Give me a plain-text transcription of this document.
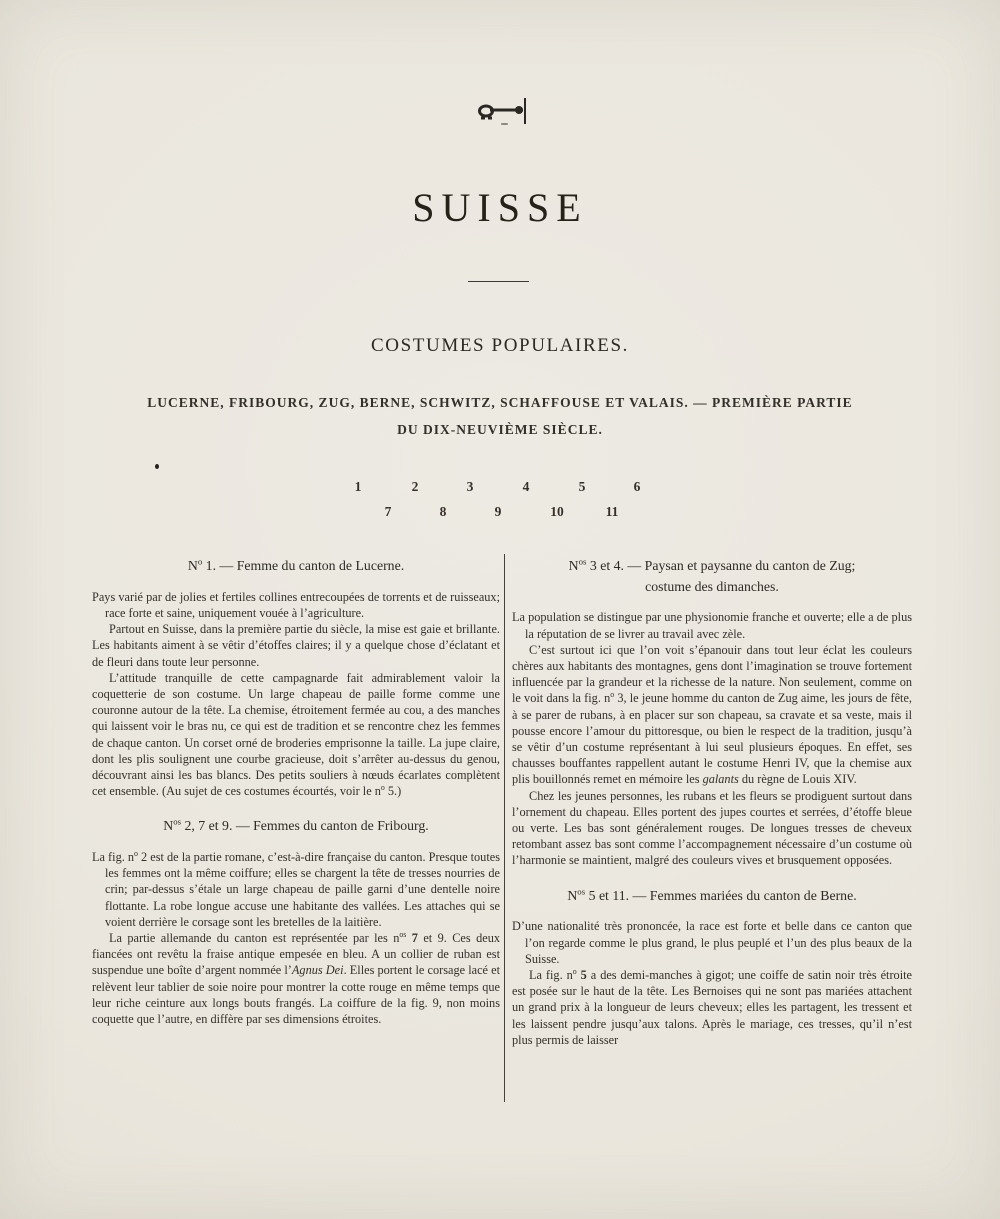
SUISSE
COSTUMES POPULAIRES.
LUCERNE, FRIBOURG, ZUG, BERNE, SCHWITZ, SCHAFFOUSE ET VALAIS. — PREMIÈRE PARTIE
DU DIX-NEUVIÈME SIÈCLE.
1	2	3	4	5	6
7	8	9	10	11
$N^o$ 1. — Femme du canton de Lucerne.

Pays varié par de jolies et fertiles collines entrecoupées de torrents et de ruisseaux; race forte et saine, uniquement vouée à l’agriculture.

Partout en Suisse, dans la première partie du siècle, la mise est gaie et brillante. Les habitants aiment à se vêtir d’étoffes claires; il y a quelque chose d’éclatant et de fleuri dans toute leur personne.

L’attitude tranquille de cette campagnarde fait admirablement valoir la coquetterie de son costume. Un large chapeau de paille forme comme une couronne autour de la tête. La chemise, étroitement fermée au cou, a des manches qui laissent voir le bras nu, ce qui est de tradition et se rencontre chez les femmes de chaque canton. Un corset orné de broderies emprisonne la taille. La jupe claire, dont les plis soulignent une courbe gracieuse, doit s’arrêter au-dessus du genou, découvrant ainsi les bas blancs. Des petits souliers à nœuds écarlates complètent cet ensemble. (Au sujet de ces costumes écourtés, voir le $n^o$ 5.)

$N^{os}$ 2, 7 et 9. — Femmes du canton de Fribourg.

La fig. $n^o$ 2 est de la partie romane, c’est-à-dire française du canton. Presque toutes les femmes ont la même coiffure; elles se chargent la tête de tresses nourries de crin; par-dessus s’étale un large chapeau de paille garni d’une dentelle noire flottante. La robe longue accuse une habitante des vallées. Les attaches qui se voient derrière le corsage sont les bretelles de la laitière.

La partie allemande du canton est représentée par les $n^{os}$ 7 et 9. Ces deux fiancées ont revêtu la fraise antique empesée en bleu. A un collier de ruban est suspendue une boîte d’argent nommée l’Agnus Dei. Elles portent le corsage lacé et relèvent leur tablier de soie noire pour montrer la cotte rouge en même temps que leur riche ceinture aux longs bouts frangés. La coiffure de la fig. 9, non moins coquette que l’autre, en diffère par ses dimensions étroites.

$N^{os}$ 3 et 4. — Paysan et paysanne du canton de Zug;
costume des dimanches.

La population se distingue par une physionomie franche et ouverte; elle a de plus la réputation de se livrer au travail avec zèle.

C’est surtout ici que l’on voit s’épanouir dans tout leur éclat les couleurs chères aux habitants des montagnes, gens dont l’imagination se trouve fortement influencée par la grandeur et la richesse de la nature. Non seulement, comme on le voit dans la fig. $n^o$ 3, le jeune homme du canton de Zug aime, les jours de fête, à se parer de rubans, à en placer sur son chapeau, sa cravate et sa veste, mais il pousse encore l’amour du pittoresque, ou bien le respect de la tradition, jusqu’à se vêtir d’un costume représentant à lui seul plusieurs époques. En effet, ses chausses bouffantes rappellent autant le costume Henri IV, que la chemise aux plis bouillonnés remet en mémoire les galants du règne de Louis XIV.

Chez les jeunes personnes, les rubans et les fleurs se prodiguent surtout dans l’ornement du chapeau. Elles portent des jupes courtes et serrées, d’étoffe bleue ou verte. Les bas sont généralement rouges. De longues tresses de cheveux retombant assez bas sont comme l’accompagnement nécessaire d’un costume où l’harmonie se maintient, malgré des couleurs vives et brusquement opposées.

$N^{os}$ 5 et 11. — Femmes mariées du canton de Berne.

D’une nationalité très prononcée, la race est forte et belle dans ce canton que l’on regarde comme le plus grand, le plus peuplé et l’un des plus beaux de la Suisse.

La fig. $n^o$ 5 a des demi-manches à gigot; une coiffe de satin noir très étroite est posée sur le haut de la tête. Les Bernoises qui ne sont pas mariées attachent un grand prix à la longueur de leurs cheveux; elles les partagent, les tressent et les laissent pendre jusqu’aux talons. Après le mariage, ces tresses, qu’il n’est plus permis de laisser
